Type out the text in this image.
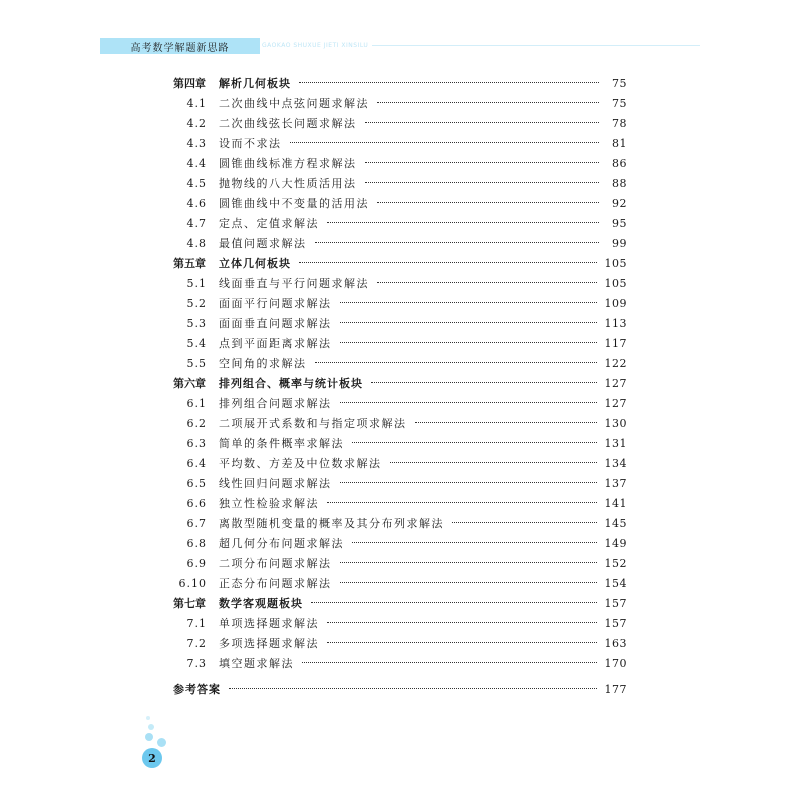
高考数学解题新思路	GAOKAO SHUXUE JIETI XINSILU
第四章	解析几何板块	75
4.1	二次曲线中点弦问题求解法	75
4.2	二次曲线弦长问题求解法	78
4.3	设而不求法	81
4.4	圆锥曲线标准方程求解法	86
4.5	抛物线的八大性质活用法	88
4.6	圆锥曲线中不变量的活用法	92
4.7	定点、定值求解法	95
4.8	最值问题求解法	99
第五章	立体几何板块	105
5.1	线面垂直与平行问题求解法	105
5.2	面面平行问题求解法	109
5.3	面面垂直问题求解法	113
5.4	点到平面距离求解法	117
5.5	空间角的求解法	122
第六章	排列组合、概率与统计板块	127
6.1	排列组合问题求解法	127
6.2	二项展开式系数和与指定项求解法	130
6.3	简单的条件概率求解法	131
6.4	平均数、方差及中位数求解法	134
6.5	线性回归问题求解法	137
6.6	独立性检验求解法	141
6.7	离散型随机变量的概率及其分布列求解法	145
6.8	超几何分布问题求解法	149
6.9	二项分布问题求解法	152
6.10	正态分布问题求解法	154
第七章	数学客观题板块	157
7.1	单项选择题求解法	157
7.2	多项选择题求解法	163
7.3	填空题求解法	170
参考答案	177
2
